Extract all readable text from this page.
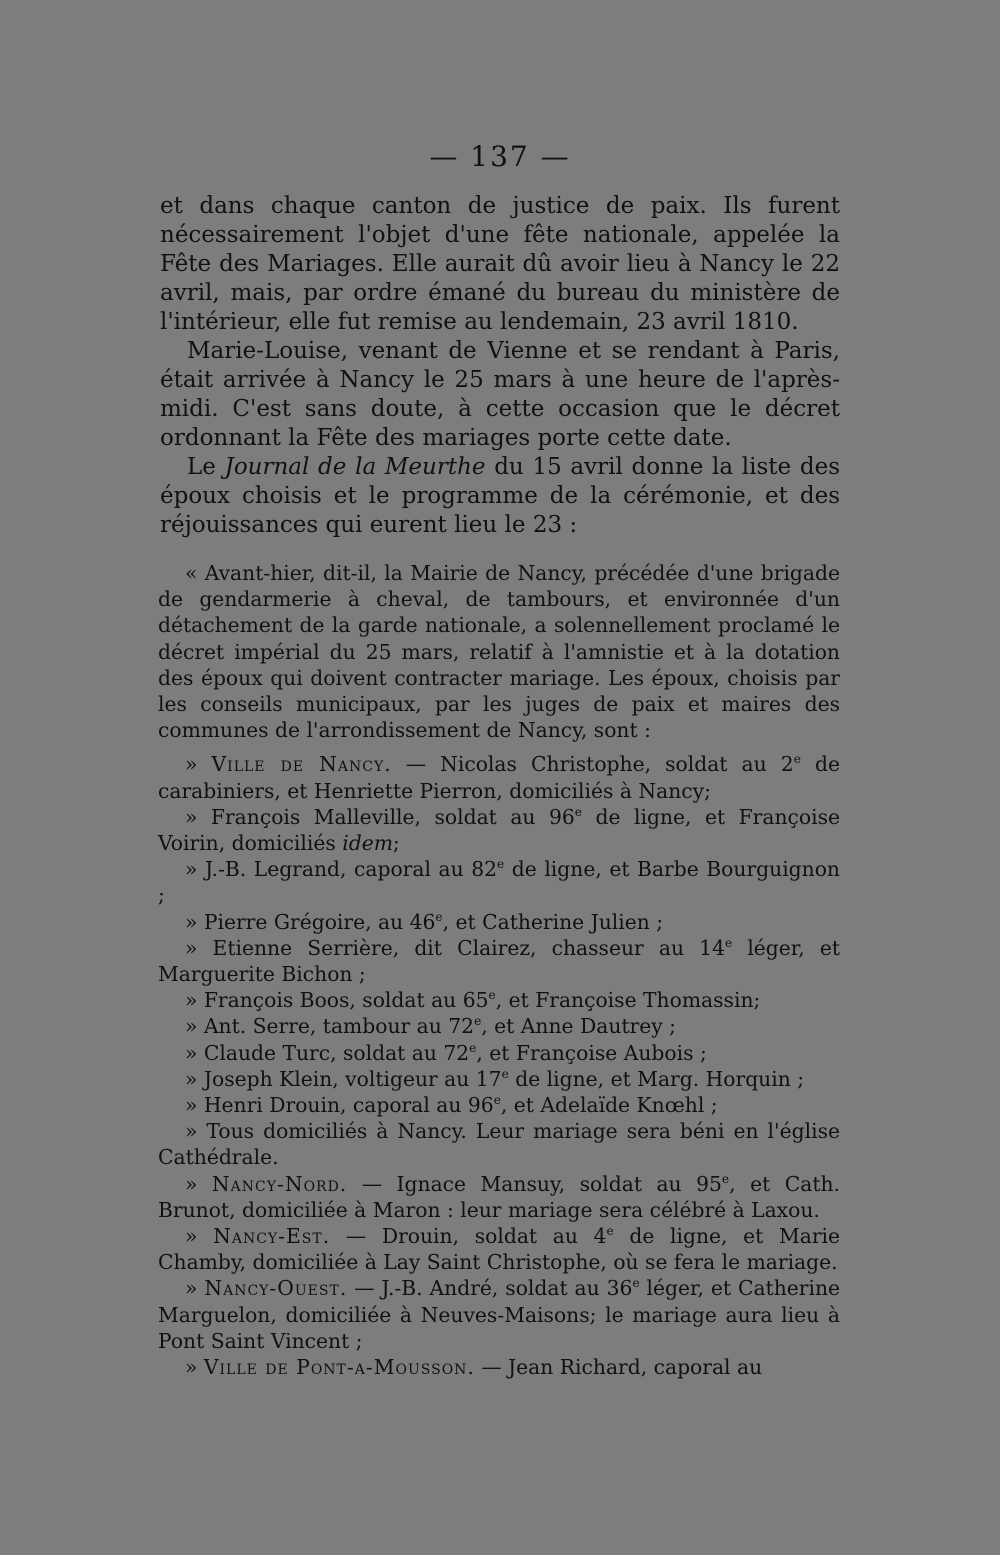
— 137 —

et dans chaque canton de justice de paix. Ils furent nécessairement l'objet d'une fête nationale, appelée la Fête des Mariages. Elle aurait dû avoir lieu à Nancy le 22 avril, mais, par ordre émané du bureau du ministère de l'intérieur, elle fut remise au lendemain, 23 avril 1810.

Marie-Louise, venant de Vienne et se rendant à Paris, était arrivée à Nancy le 25 mars à une heure de l'après-midi. C'est sans doute, à cette occasion que le décret ordonnant la Fête des mariages porte cette date.

Le Journal de la Meurthe du 15 avril donne la liste des époux choisis et le programme de la cérémonie, et des réjouissances qui eurent lieu le 23 :

« Avant-hier, dit-il, la Mairie de Nancy, précédée d'une brigade de gendarmerie à cheval, de tambours, et environnée d'un détachement de la garde nationale, a solennellement proclamé le décret impérial du 25 mars, relatif à l'amnistie et à la dotation des époux qui doivent contracter mariage. Les époux, choisis par les conseils municipaux, par les juges de paix et maires des communes de l'arrondissement de Nancy, sont :

» Ville de Nancy. — Nicolas Christophe, soldat au 2e de carabiniers, et Henriette Pierron, domiciliés à Nancy;

» François Malleville, soldat au 96e de ligne, et Françoise Voirin, domiciliés idem;

» J.-B. Legrand, caporal au 82e de ligne, et Barbe Bourguignon ;

» Pierre Grégoire, au 46e, et Catherine Julien ;

» Etienne Serrière, dit Clairez, chasseur au 14e léger, et Marguerite Bichon ;

» François Boos, soldat au 65e, et Françoise Thomassin;

» Ant. Serre, tambour au 72e, et Anne Dautrey ;

» Claude Turc, soldat au 72e, et Françoise Aubois ;

» Joseph Klein, voltigeur au 17e de ligne, et Marg. Horquin ;

» Henri Drouin, caporal au 96e, et Adelaïde Knœhl ;

» Tous domiciliés à Nancy. Leur mariage sera béni en l'église Cathédrale.

» Nancy-Nord. — Ignace Mansuy, soldat au 95e, et Cath. Brunot, domiciliée à Maron : leur mariage sera célébré à Laxou.

» Nancy-Est. — Drouin, soldat au 4e de ligne, et Marie Chamby, domiciliée à Lay Saint Christophe, où se fera le mariage.

» Nancy-Ouest. — J.-B. André, soldat au 36e léger, et Catherine Marguelon, domiciliée à Neuves-Maisons; le mariage aura lieu à Pont Saint Vincent ;

» Ville de Pont-a-Mousson. — Jean Richard, caporal au
